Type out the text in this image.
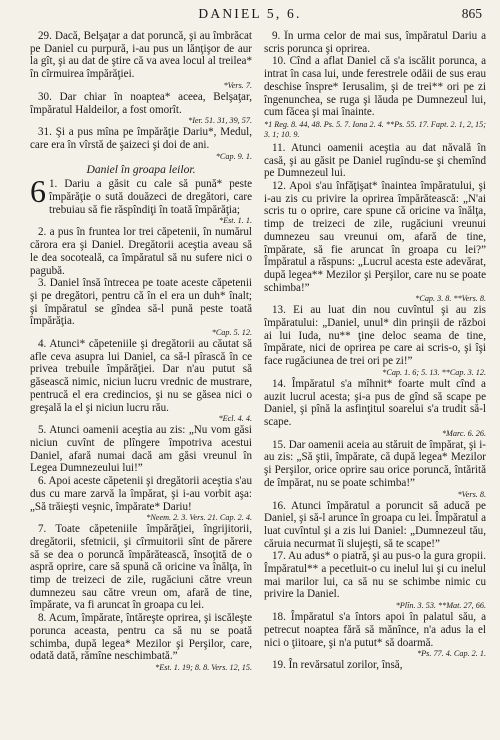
DANIEL 5, 6.	865

29. Dacă, Belşaţar a dat poruncă, şi au îmbrăcat pe Daniel cu purpură, i-au pus un lănţişor de aur la gît, şi au dat de ştire că va avea locul al treilea* în cîrmuirea împărăţiei.
*Vers. 7.

30. Dar chiar în noaptea* aceea, Belşaţar, împăratul Haldeilor, a fost omorît.
*Ier. 51. 31, 39, 57.

31. Şi a pus mîna pe împărăţie Dariu*, Medul, care era în vîrstă de şaizeci şi doi de ani.
*Cap. 9. 1.

Daniel în groapa leilor.

6 1. Dariu a găsit cu cale să pună* peste împărăţie o sută douăzeci de dregători, care trebuiau să fie răspîndiţi în toată împărăţia;
*Est. 1. 1.

2. a pus în fruntea lor trei căpetenii, în numărul cărora era şi Daniel. Dregătorii aceştia aveau să le dea socoteală, ca împăratul să nu sufere nici o pagubă.

3. Daniel însă întrecea pe toate aceste căpetenii şi pe dregători, pentru că în el era un duh* înalt; şi împăratul se gîndea să-l pună peste toată împărăţia.
*Cap. 5. 12.

4. Atunci* căpeteniile şi dregătorii au căutat să afle ceva asupra lui Daniel, ca să-l pîrască în ce privea trebuile împărăţiei. Dar n'au putut să găsească nimic, niciun lucru vrednic de mustrare, pentrucă el era credincios, şi nu se găsea nici o greşală la el şi niciun lucru rău.
*Ecl. 4. 4.

5. Atunci oamenii aceştia au zis: „Nu vom găsi niciun cuvînt de plîngere împotriva acestui Daniel, afară numai dacă am găsi vreunul în Legea Dumnezeului lui!”

6. Apoi aceste căpetenii şi dregătorii aceştia s'au dus cu mare zarvă la împărat, şi i-au vorbit aşa: „Să trăieşti veşnic, împărate* Dariu!
*Neem. 2. 3. Vers. 21. Cap. 2. 4.

7. Toate căpeteniile împărăţiei, îngrijitorii, dregătorii, sfetnicii, şi cîrmuitorii sînt de părere să se dea o poruncă împărătească, însoţită de o aspră oprire, care să spună că oricine va înălţa, în timp de treizeci de zile, rugăciuni către vreun dumnezeu sau către vreun om, afară de tine, împărate, va fi aruncat în groapa cu lei.

8. Acum, împărate, întăreşte oprirea, şi iscăleşte porunca aceasta, pentru ca să nu se poată schimba, după legea* Mezilor şi Perşilor, care, odată dată, rămîne neschimbată.”
*Est. 1. 19; 8. 8. Vers. 12, 15.

9. În urma celor de mai sus, împăratul Dariu a scris porunca şi oprirea.

10. Cînd a aflat Daniel că s'a iscălit porunca, a intrat în casa lui, unde ferestrele odăii de sus erau deschise înspre* Ierusalim, şi de trei** ori pe zi îngenunchea, se ruga şi lăuda pe Dumnezeul lui, cum făcea şi mai înainte.

*1 Reg. 8. 44, 48. Ps. 5. 7. Iona 2. 4. **Ps. 55. 17. Fapt. 2. 1, 2, 15; 3. 1; 10. 9.

11. Atunci oamenii aceştia au dat năvală în casă, şi au găsit pe Daniel rugîndu-se şi chemînd pe Dumnezeul lui.

12. Apoi s'au înfăţişat* înaintea împăratului, şi i-au zis cu privire la oprirea împărătească: „N'ai scris tu o oprire, care spune că oricine va înălţa, timp de treizeci de zile, rugăciuni vreunui dumnezeu sau vreunui om, afară de tine, împărate, să fie aruncat în groapa cu lei?” Împăratul a răspuns: „Lucrul acesta este adevărat, după legea** Mezilor şi Perşilor, care nu se poate schimba!”
*Cap. 3. 8. **Vers. 8.

13. Ei au luat din nou cuvîntul şi au zis împăratului: „Daniel, unul* din prinşii de război ai lui Iuda, nu** ţine deloc seama de tine, împărate, nici de oprirea pe care ai scris-o, şi îşi face rugăciunea de trei ori pe zi!”
*Cap. 1. 6; 5. 13. **Cap. 3. 12.

14. Împăratul s'a mîhnit* foarte mult cînd a auzit lucrul acesta; şi-a pus de gînd să scape pe Daniel, şi pînă la asfinţitul soarelui s'a trudit să-l scape.
*Marc. 6. 26.

15. Dar oamenii aceia au stăruit de împărat, şi i-au zis: „Să ştii, împărate, că după legea* Mezilor şi Perşilor, orice oprire sau orice poruncă, întărită de împărat, nu se poate schimba!”
*Vers. 8.

16. Atunci împăratul a poruncit să aducă pe Daniel, şi să-l arunce în groapa cu lei. Împăratul a luat cuvîntul şi a zis lui Daniel: „Dumnezeul tău, căruia necurmat îi slujeşti, să te scape!”

17. Au adus* o piatră, şi au pus-o la gura gropii. Împăratul** a pecetluit-o cu inelul lui şi cu inelul mai marilor lui, ca să nu se schimbe nimic cu privire la Daniel.
*Plîn. 3. 53. **Mat. 27, 66.

18. Împăratul s'a întors apoi în palatul său, a petrecut noaptea fără să mănînce, n'a adus la el nici o ţiitoare, şi n'a putut* să doarmă.
*Ps. 77. 4. Cap. 2. 1.

19. În revărsatul zorilor, însă,
